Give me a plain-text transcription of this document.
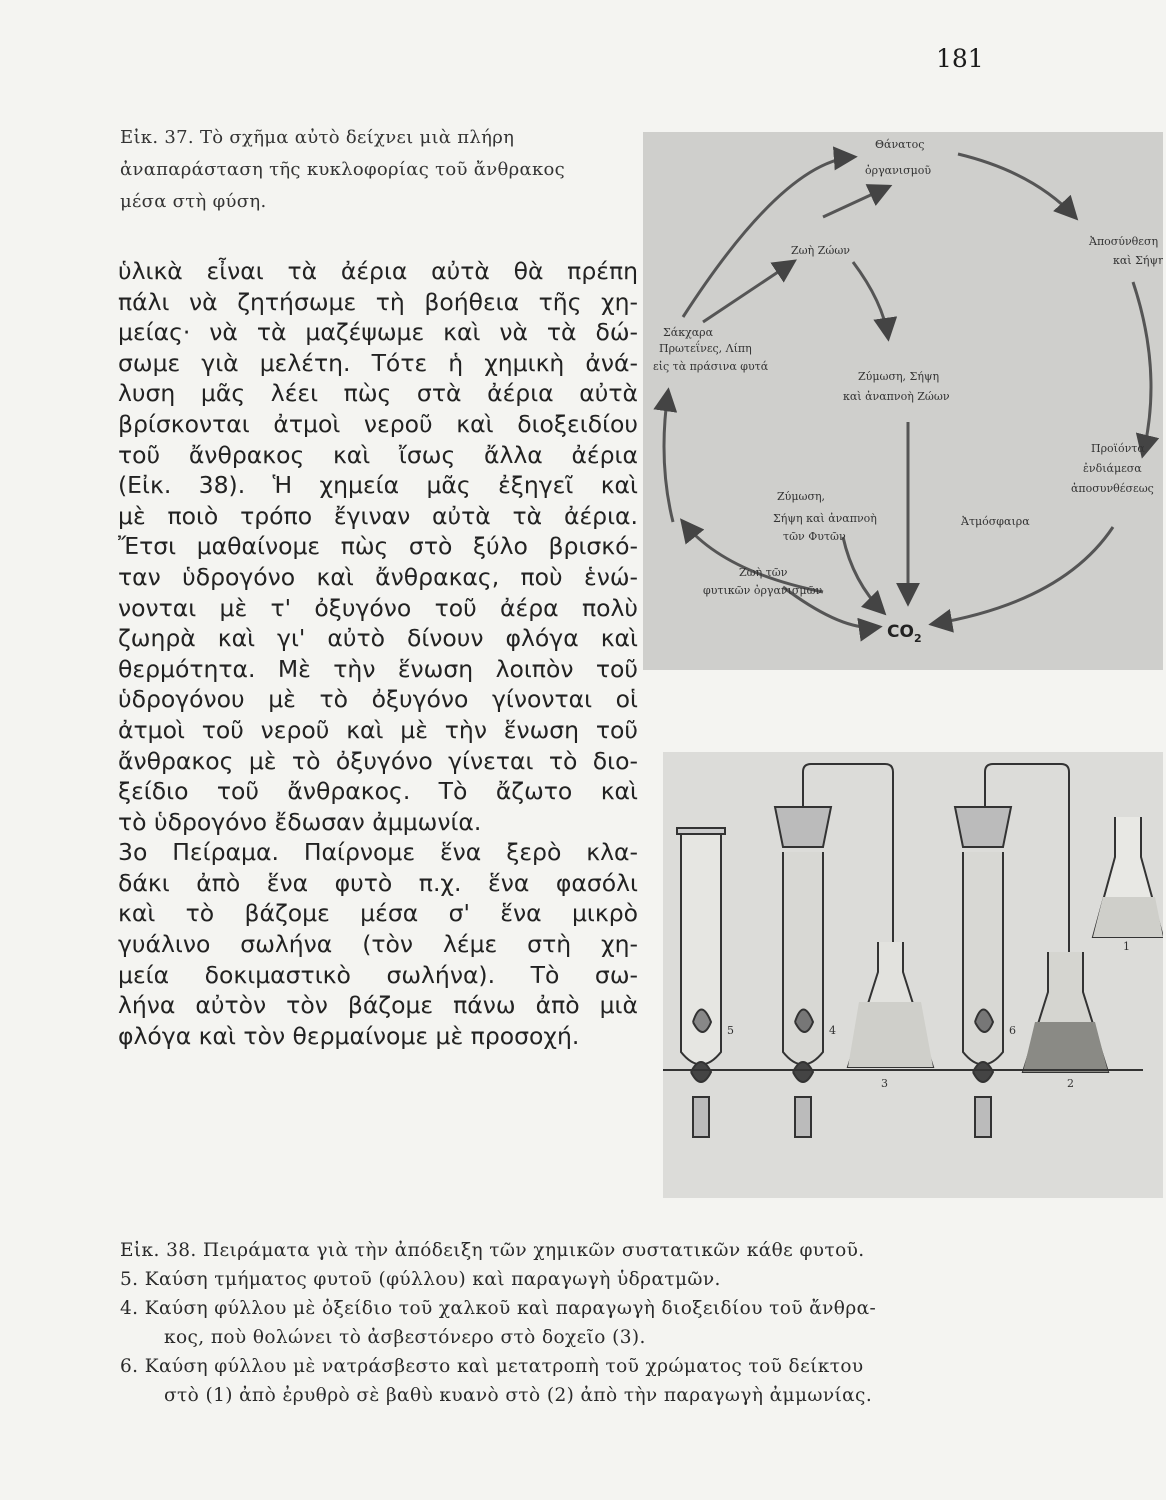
181
Εἰκ. 37. Τὸ σχῆμα αὐτὸ δείχνει μιὰ πλήρη
ἀναπαράσταση τῆς κυκλοφορίας τοῦ ἄνθρακος
μέσα στὴ φύση.
ὑλικὰ εἶναι τὰ ἀέρια αὐτὰ θὰ πρέπη
πάλι νὰ ζητήσωμε τὴ βοήθεια τῆς χη-
μείας· νὰ τὰ μαζέψωμε καὶ νὰ τὰ δώ-
σωμε γιὰ μελέτη. Τότε ἡ χημικὴ ἀνά-
λυση μᾶς λέει πὼς στὰ ἀέρια αὐτὰ
βρίσκονται ἀτμοὶ νεροῦ καὶ διοξειδίου
τοῦ ἄνθρακος καὶ ἴσως ἄλλα ἀέρια
(Εἰκ. 38). Ἡ χημεία μᾶς ἐξηγεῖ καὶ
μὲ ποιὸ τρόπο ἔγιναν αὐτὰ τὰ ἀέρια.
Ἔτσι μαθαίνομε πὼς στὸ ξύλο βρισκό-
ταν ὑδρογόνο καὶ ἄνθρακας, ποὺ ἑνώ-
νονται μὲ τ' ὀξυγόνο τοῦ ἀέρα πολὺ
ζωηρὰ καὶ γι' αὐτὸ δίνουν φλόγα καὶ
θερμότητα. Μὲ τὴν ἕνωση λοιπὸν τοῦ
ὑδρογόνου μὲ τὸ ὀξυγόνο γίνονται οἱ
ἀτμοὶ τοῦ νεροῦ καὶ μὲ τὴν ἕνωση τοῦ
ἄνθρακος μὲ τὸ ὀξυγόνο γίνεται τὸ διο-
ξείδιο τοῦ ἄνθρακος. Τὸ ἄζωτο καὶ
τὸ ὑδρογόνο ἔδωσαν ἀμμωνία.
3ο Πείραμα. Παίρνομε ἕνα ξερὸ κλα-
δάκι ἀπὸ ἕνα φυτὸ π.χ. ἕνα φασόλι
καὶ τὸ βάζομε μέσα σ' ἕνα μικρὸ
γυάλινο σωλήνα (τὸν λέμε στὴ χη-
μεία δοκιμαστικὸ σωλήνα). Τὸ σω-
λήνα αὐτὸν τὸν βάζομε πάνω ἀπὸ μιὰ
φλόγα καὶ τὸν θερμαίνομε μὲ προσοχή.
Θάνατος
ὀργανισμοῦ
Ζωὴ Ζώων
Ἀποσύνθεση
καὶ Σήψη
Σάκχαρα
Πρωτεΐνες, Λίπη
εἰς τὰ πράσινα φυτά
Ζύμωση, Σήψη
καὶ ἀναπνοὴ Ζώων
Προϊόντα
ἐνδιάμεσα
ἀποσυνθέσεως
Ζύμωση,
Σήψη καὶ ἀναπνοὴ
τῶν Φυτῶν
Ἀτμόσφαιρα
Ζωὴ τῶν
φυτικῶν ὀργανισμῶν
$CO_2$
5	4
3
6
2
1
Εἰκ. 38. Πειράματα γιὰ τὴν ἀπόδειξη τῶν χημικῶν συστατικῶν κάθε φυτοῦ.
5. Καύση τμήματος φυτοῦ (φύλλου) καὶ παραγωγὴ ὑδρατμῶν.
4. Καύση φύλλου μὲ ὀξείδιο τοῦ χαλκοῦ καὶ παραγωγὴ διοξειδίου τοῦ ἄνθρα-
κος, ποὺ θολώνει τὸ ἀσβεστόνερο στὸ δοχεῖο (3).
6. Καύση φύλλου μὲ νατράσβεστο καὶ μετατροπὴ τοῦ χρώματος τοῦ δείκτου
στὸ (1) ἀπὸ ἐρυθρὸ σὲ βαθὺ κυανὸ στὸ (2) ἀπὸ τὴν παραγωγὴ ἀμμωνίας.
